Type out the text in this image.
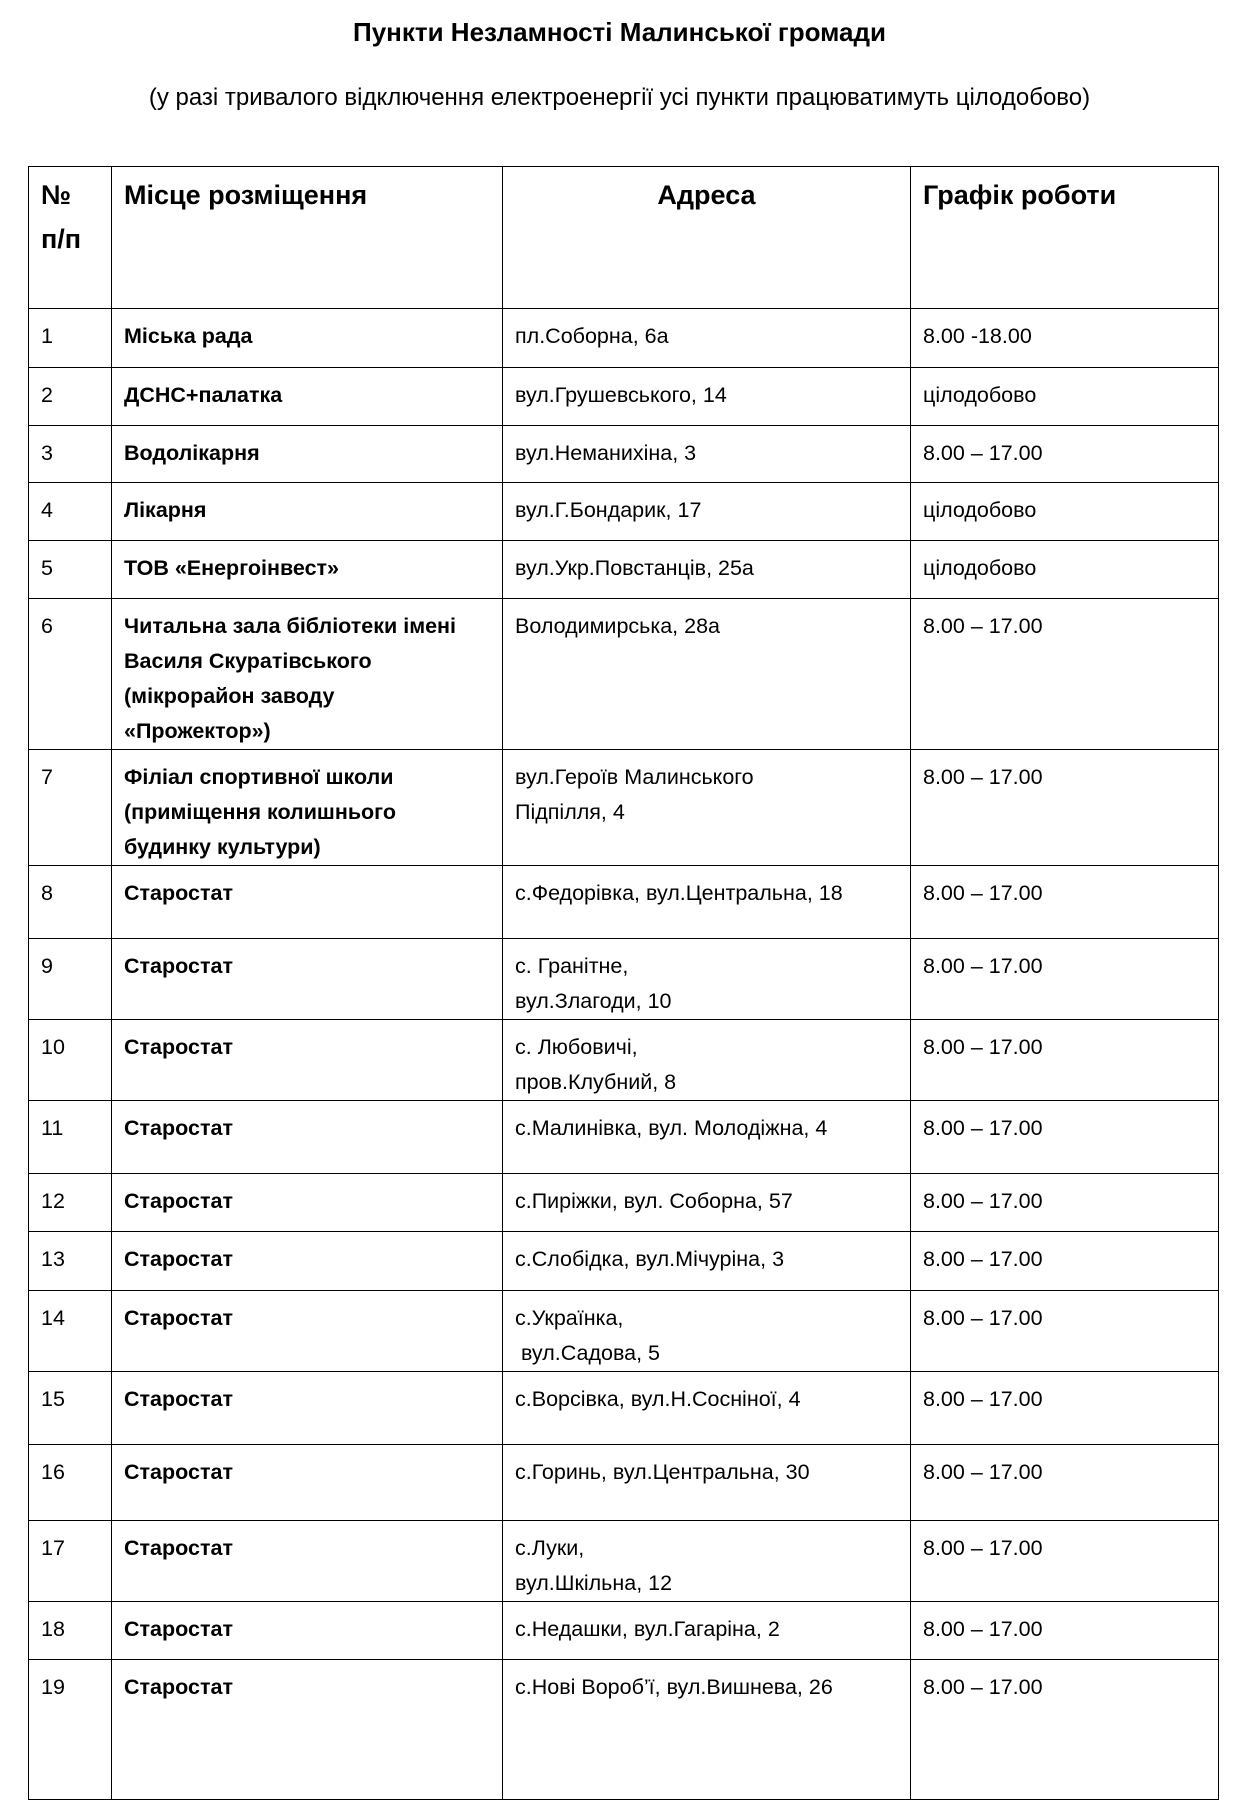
Пункти Незламності Малинської громади
(у разі тривалого відключення електроенергії усі пункти працюватимуть цілодобово)
№
п/п	Місце розміщення	Адреса	Графік роботи
1	Міська рада	пл.Соборна, 6а	8.00 -18.00
2	ДСНС+палатка	вул.Грушевського, 14	цілодобово
3	Водолікарня	вул.Неманихіна, 3	8.00 – 17.00
4	Лікарня	вул.Г.Бондарик, 17	цілодобово
5	ТОВ «Енергоінвест»	вул.Укр.Повстанців, 25а	цілодобово
6	Читальна зала бібліотеки імені
Василя Скуратівського
(мікрорайон заводу
«Прожектор»)	Володимирська, 28а	8.00 – 17.00
7	Філіал спортивної школи
(приміщення колишнього
будинку культури)	вул.Героїв Малинського
Підпілля, 4	8.00 – 17.00
8	Старостат	с.Федорівка, вул.Центральна, 18	8.00 – 17.00
9	Старостат	с. Гранітне,
вул.Злагоди, 10	8.00 – 17.00
10	Старостат	с. Любовичі,
пров.Клубний, 8	8.00 – 17.00
11	Старостат	с.Малинівка, вул. Молодіжна, 4	8.00 – 17.00
12	Старостат	с.Пиріжки, вул. Соборна, 57	8.00 – 17.00
13	Старостат	с.Слобідка, вул.Мічуріна, 3	8.00 – 17.00
14	Старостат	с.Українка,
вул.Садова, 5	8.00 – 17.00
15	Старостат	с.Ворсівка, вул.Н.Сосніної, 4	8.00 – 17.00
16	Старостат	с.Горинь, вул.Центральна, 30	8.00 – 17.00
17	Старостат	с.Луки,
вул.Шкільна, 12	8.00 – 17.00
18	Старостат	с.Недашки, вул.Гагаріна, 2	8.00 – 17.00
19	Старостат	с.Нові Вороб’ї, вул.Вишнева, 26	8.00 – 17.00
